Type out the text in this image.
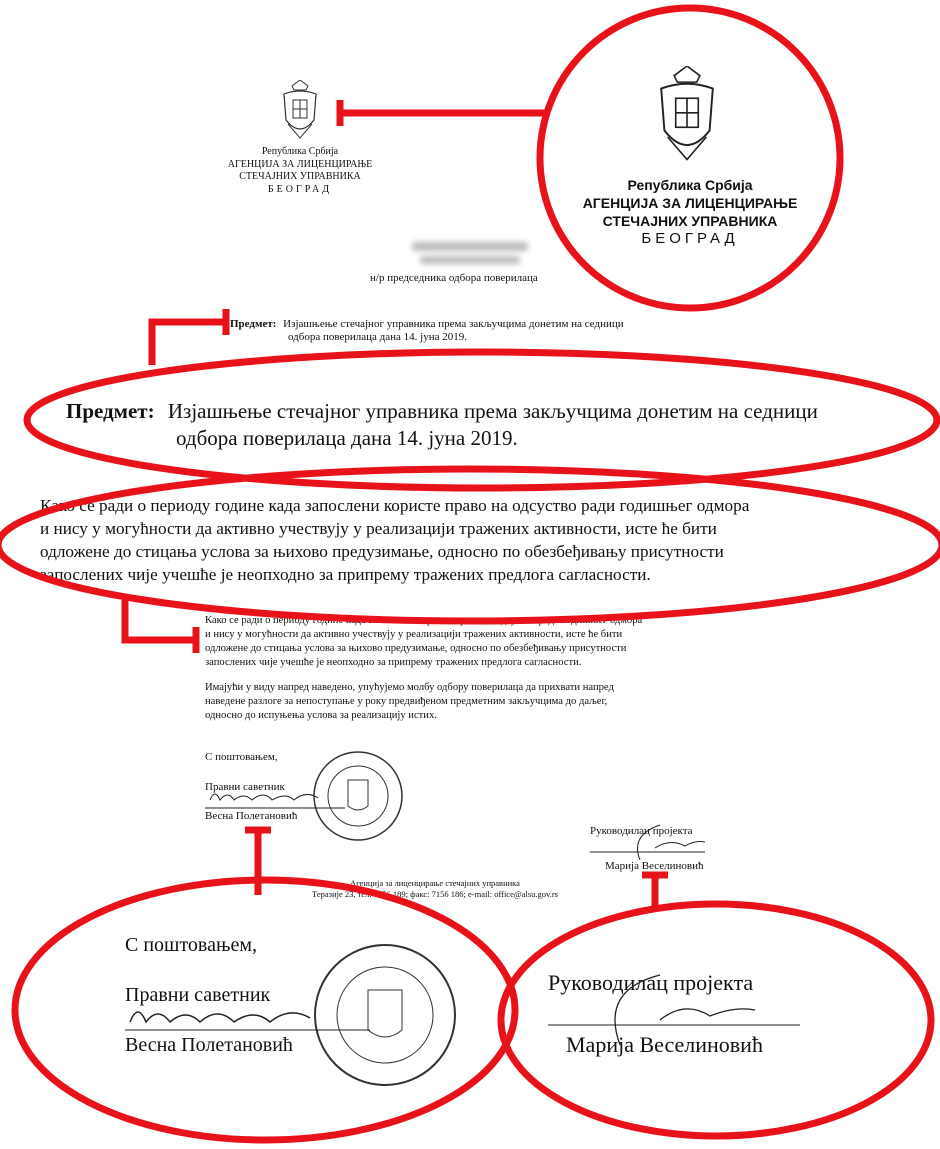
Република Србија
АГЕНЦИЈА ЗА ЛИЦЕНЦИРАЊЕ
СТЕЧАЈНИХ УПРАВНИКА
БЕОГРАД	Република Србија
АГЕНЦИЈА ЗА ЛИЦЕНЦИРАЊЕ
СТЕЧАЈНИХ УПРАВНИКА
БЕОГРАД
н/р председника одбора поверилаца
Предмет: Изјашњење стечајног управника према закључцима донетим на седници
одбора поверилаца дана 14. јуна 2019.
Предмет: Изјашњење стечајног управника према закључцима донетим на седници
одбора поверилаца дана 14. јуна 2019.
Како се ради о периоду године када запослени користе право на одсуство ради годишњег одмора
и нису у могућности да активно учествују у реализацији тражених активности, исте ће бити
одложене до стицања услова за њихово предузимање, односно по обезбеђивању присутности
запослених чије учешће је неопходно за припрему тражених предлога сагласности.
Како се ради о периоду године када запослени користе право на одсуство ради годишњег одмора
и нису у могућности да активно учествују у реализацији тражених активности, исте ће бити
одложене до стицања услова за њихово предузимање, односно по обезбеђивању присутности
запослених чије учешће је неопходно за припрему тражених предлога сагласности.
Имајући у виду напред наведено, упућујемо молбу одбору поверилаца да прихвати напред
наведене разлоге за непоступање у року предвиђеном предметним закључцима до даљег,
односно до испуњења услова за реализацију истих.
С поштовањем,
Правни саветник
Весна Полетановић
Руководилац пројекта
Марија Веселиновић
Агенција за лиценцирање стечајних управника
Теразије 23, тел: 7156 189; факс: 7156 186; e-mail: office@alsu.gov.rs
С поштовањем,
Правни саветник
Весна Полетановић
Руководилац пројекта
Марија Веселиновић
